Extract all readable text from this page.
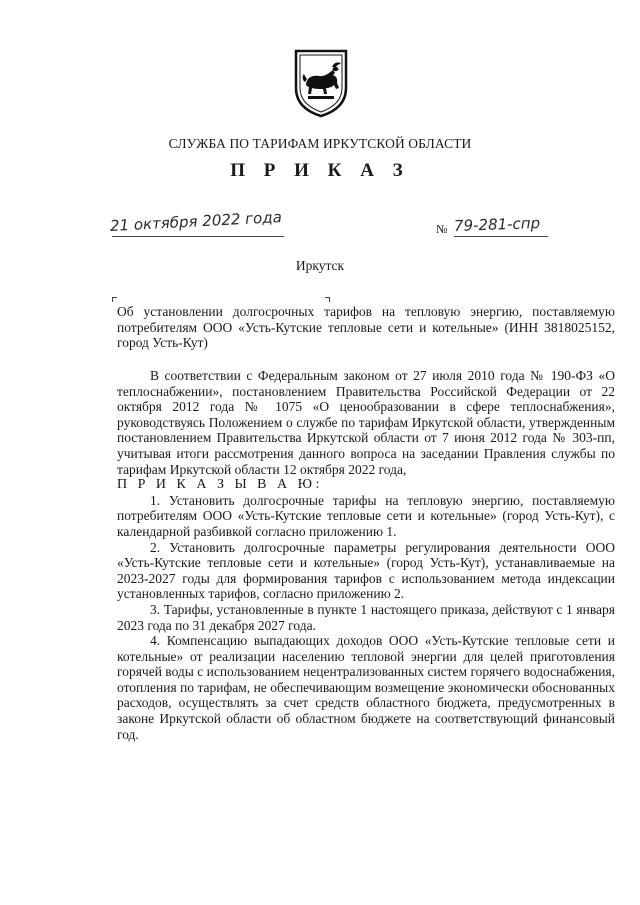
СЛУЖБА ПО ТАРИФАМ ИРКУТСКОЙ ОБЛАСТИ
П Р И К А З
21 октября 2022 года	№ 79-281-спр
Иркутск
Об установлении долгосрочных тарифов на тепловую энергию, поставляемую потребителям ООО «Усть-Кутские тепловые сети и котельные» (ИНН 3818025152, город Усть-Кут)

В соответствии с Федеральным законом от 27 июля 2010 года № 190-ФЗ «О теплоснабжении», постановлением Правительства Российской Федерации от 22 октября 2012 года № 1075 «О ценообразовании в сфере теплоснабжения», руководствуясь Положением о службе по тарифам Иркутской области, утвержденным постановлением Правительства Иркутской области от 7 июня 2012 года № 303-пп, учитывая итоги рассмотрения данного вопроса на заседании Правления службы по тарифам Иркутской области 12 октября 2022 года,

П Р И К А З Ы В А Ю:

1. Установить долгосрочные тарифы на тепловую энергию, поставляемую потребителям ООО «Усть-Кутские тепловые сети и котельные» (город Усть-Кут), с календарной разбивкой согласно приложению 1.

2. Установить долгосрочные параметры регулирования деятельности ООО «Усть-Кутские тепловые сети и котельные» (город Усть-Кут), устанавливаемые на 2023-2027 годы для формирования тарифов с использованием метода индексации установленных тарифов, согласно приложению 2.

3. Тарифы, установленные в пункте 1 настоящего приказа, действуют с 1 января 2023 года по 31 декабря 2027 года.

4. Компенсацию выпадающих доходов ООО «Усть-Кутские тепловые сети и котельные» от реализации населению тепловой энергии для целей приготовления горячей воды с использованием нецентрализованных систем горячего водоснабжения, отопления по тарифам, не обеспечивающим возмещение экономически обоснованных расходов, осуществлять за счет средств областного бюджета, предусмотренных в законе Иркутской области об областном бюджете на соответствующий финансовый год.
